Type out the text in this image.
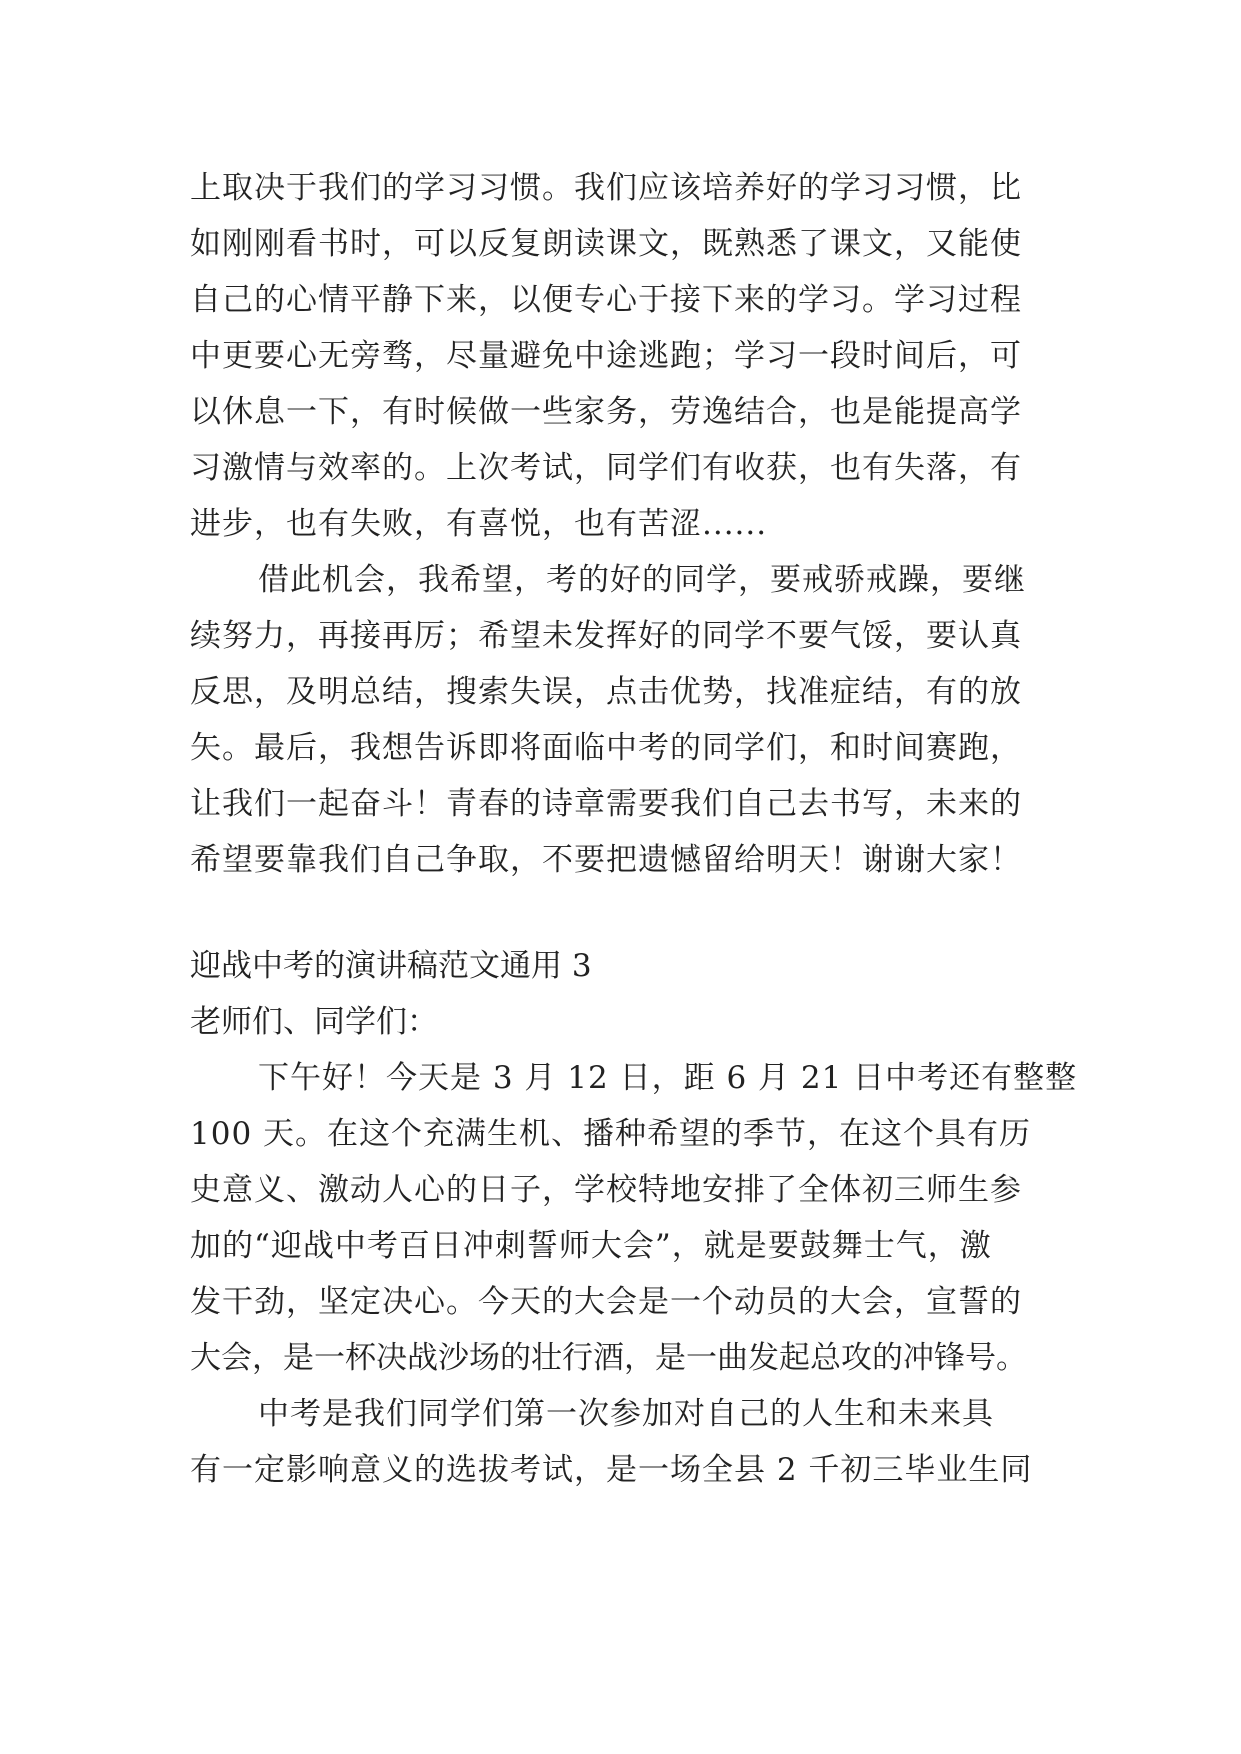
上取决于我们的学习习惯。我们应该培养好的学习习惯，比
如刚刚看书时，可以反复朗读课文，既熟悉了课文，又能使
自己的心情平静下来，以便专心于接下来的学习。学习过程
中更要心无旁骛，尽量避免中途逃跑；学习一段时间后，可
以休息一下，有时候做一些家务，劳逸结合，也是能提高学
习激情与效率的。上次考试，同学们有收获，也有失落，有
进步，也有失败，有喜悦，也有苦涩......
借此机会，我希望，考的好的同学，要戒骄戒躁，要继
续努力，再接再厉；希望未发挥好的同学不要气馁，要认真
反思，及明总结，搜索失误，点击优势，找准症结，有的放
矢。最后，我想告诉即将面临中考的同学们，和时间赛跑，
让我们一起奋斗！青春的诗章需要我们自己去书写，未来的
希望要靠我们自己争取，不要把遗憾留给明天！谢谢大家！
迎战中考的演讲稿范文通用 3
老师们、同学们：
下午好！今天是 3 月 12 日，距 6 月 21 日中考还有整整
100 天。在这个充满生机、播种希望的季节，在这个具有历
史意义、激动人心的日子，学校特地安排了全体初三师生参
加的“迎战中考百日冲刺誓师大会”，就是要鼓舞士气，激
发干劲，坚定决心。今天的大会是一个动员的大会，宣誓的
大会，是一杯决战沙场的壮行酒，是一曲发起总攻的冲锋号。
中考是我们同学们第一次参加对自己的人生和未来具
有一定影响意义的选拔考试，是一场全县 2 千初三毕业生同
